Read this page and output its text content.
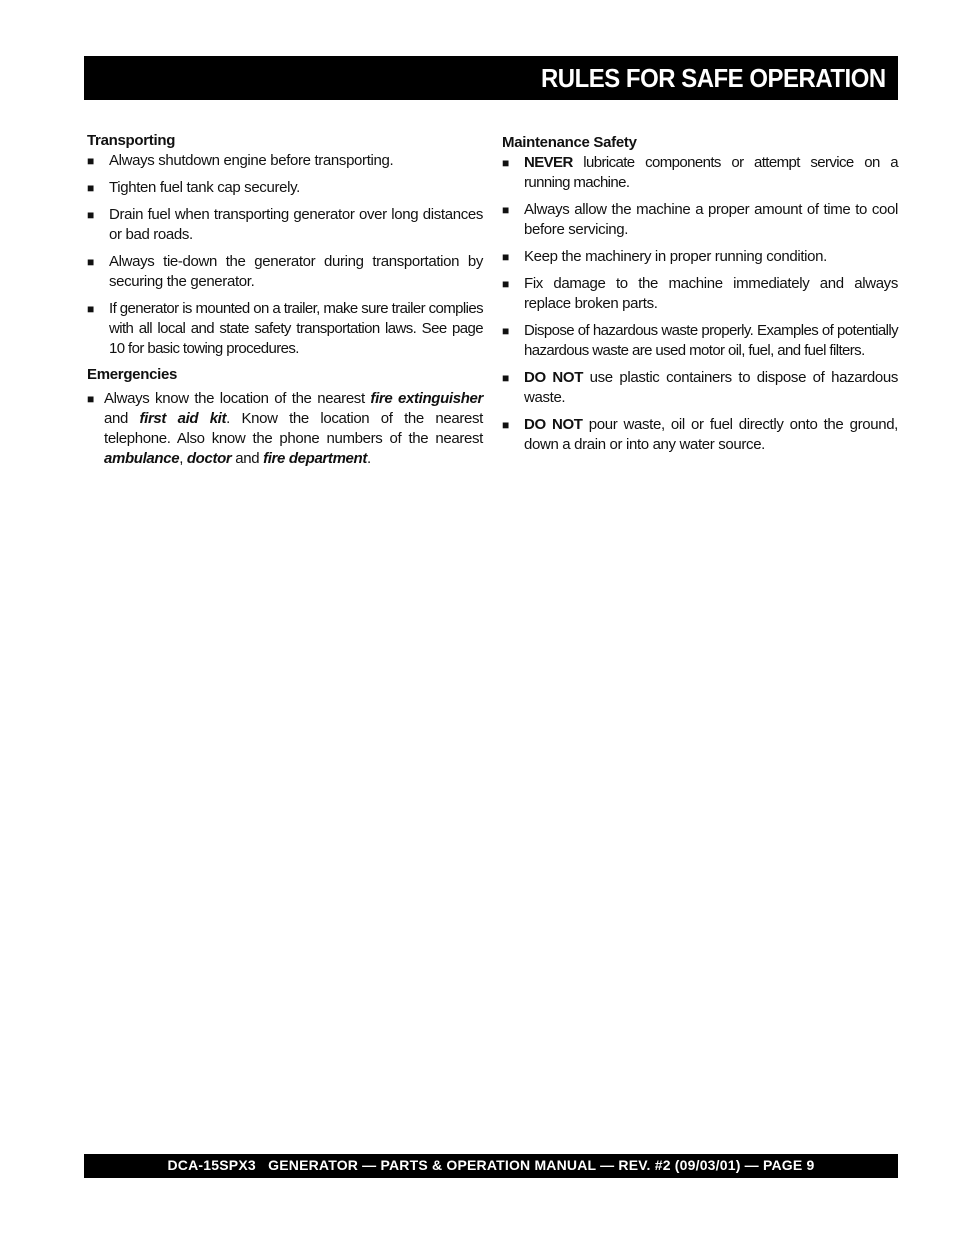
RULES FOR SAFE OPERATION
Transporting
■	Always shutdown engine before transporting.
■	Tighten fuel tank cap securely.
■	Drain fuel when transporting generator over long distances or bad roads.
■	Always tie-down the generator during transportation by securing the generator.
■	If generator is mounted on a trailer, make sure trailer complies with all local and state safety transportation laws. See page 10 for basic towing procedures.
Emergencies
■ Always know the location of the nearest fire extinguisher and first aid kit. Know the location of the nearest telephone. Also know the phone numbers of the nearest ambulance, doctor and fire department.
Maintenance Safety
■	NEVER lubricate components or attempt service on a running machine.
■	Always allow the machine a proper amount of time to cool before servicing.
■	Keep the machinery in proper running condition.
■	Fix damage to the machine immediately and always replace broken parts.
■	Dispose of hazardous waste properly. Examples of potentially hazardous waste are used motor oil, fuel, and fuel filters.
■	DO NOT use plastic containers to dispose of hazardous waste.
■	DO NOT pour waste, oil or fuel directly onto the ground, down a drain or into any water source.
DCA-15SPX3   GENERATOR — PARTS & OPERATION MANUAL — REV. #2 (09/03/01) — PAGE 9
